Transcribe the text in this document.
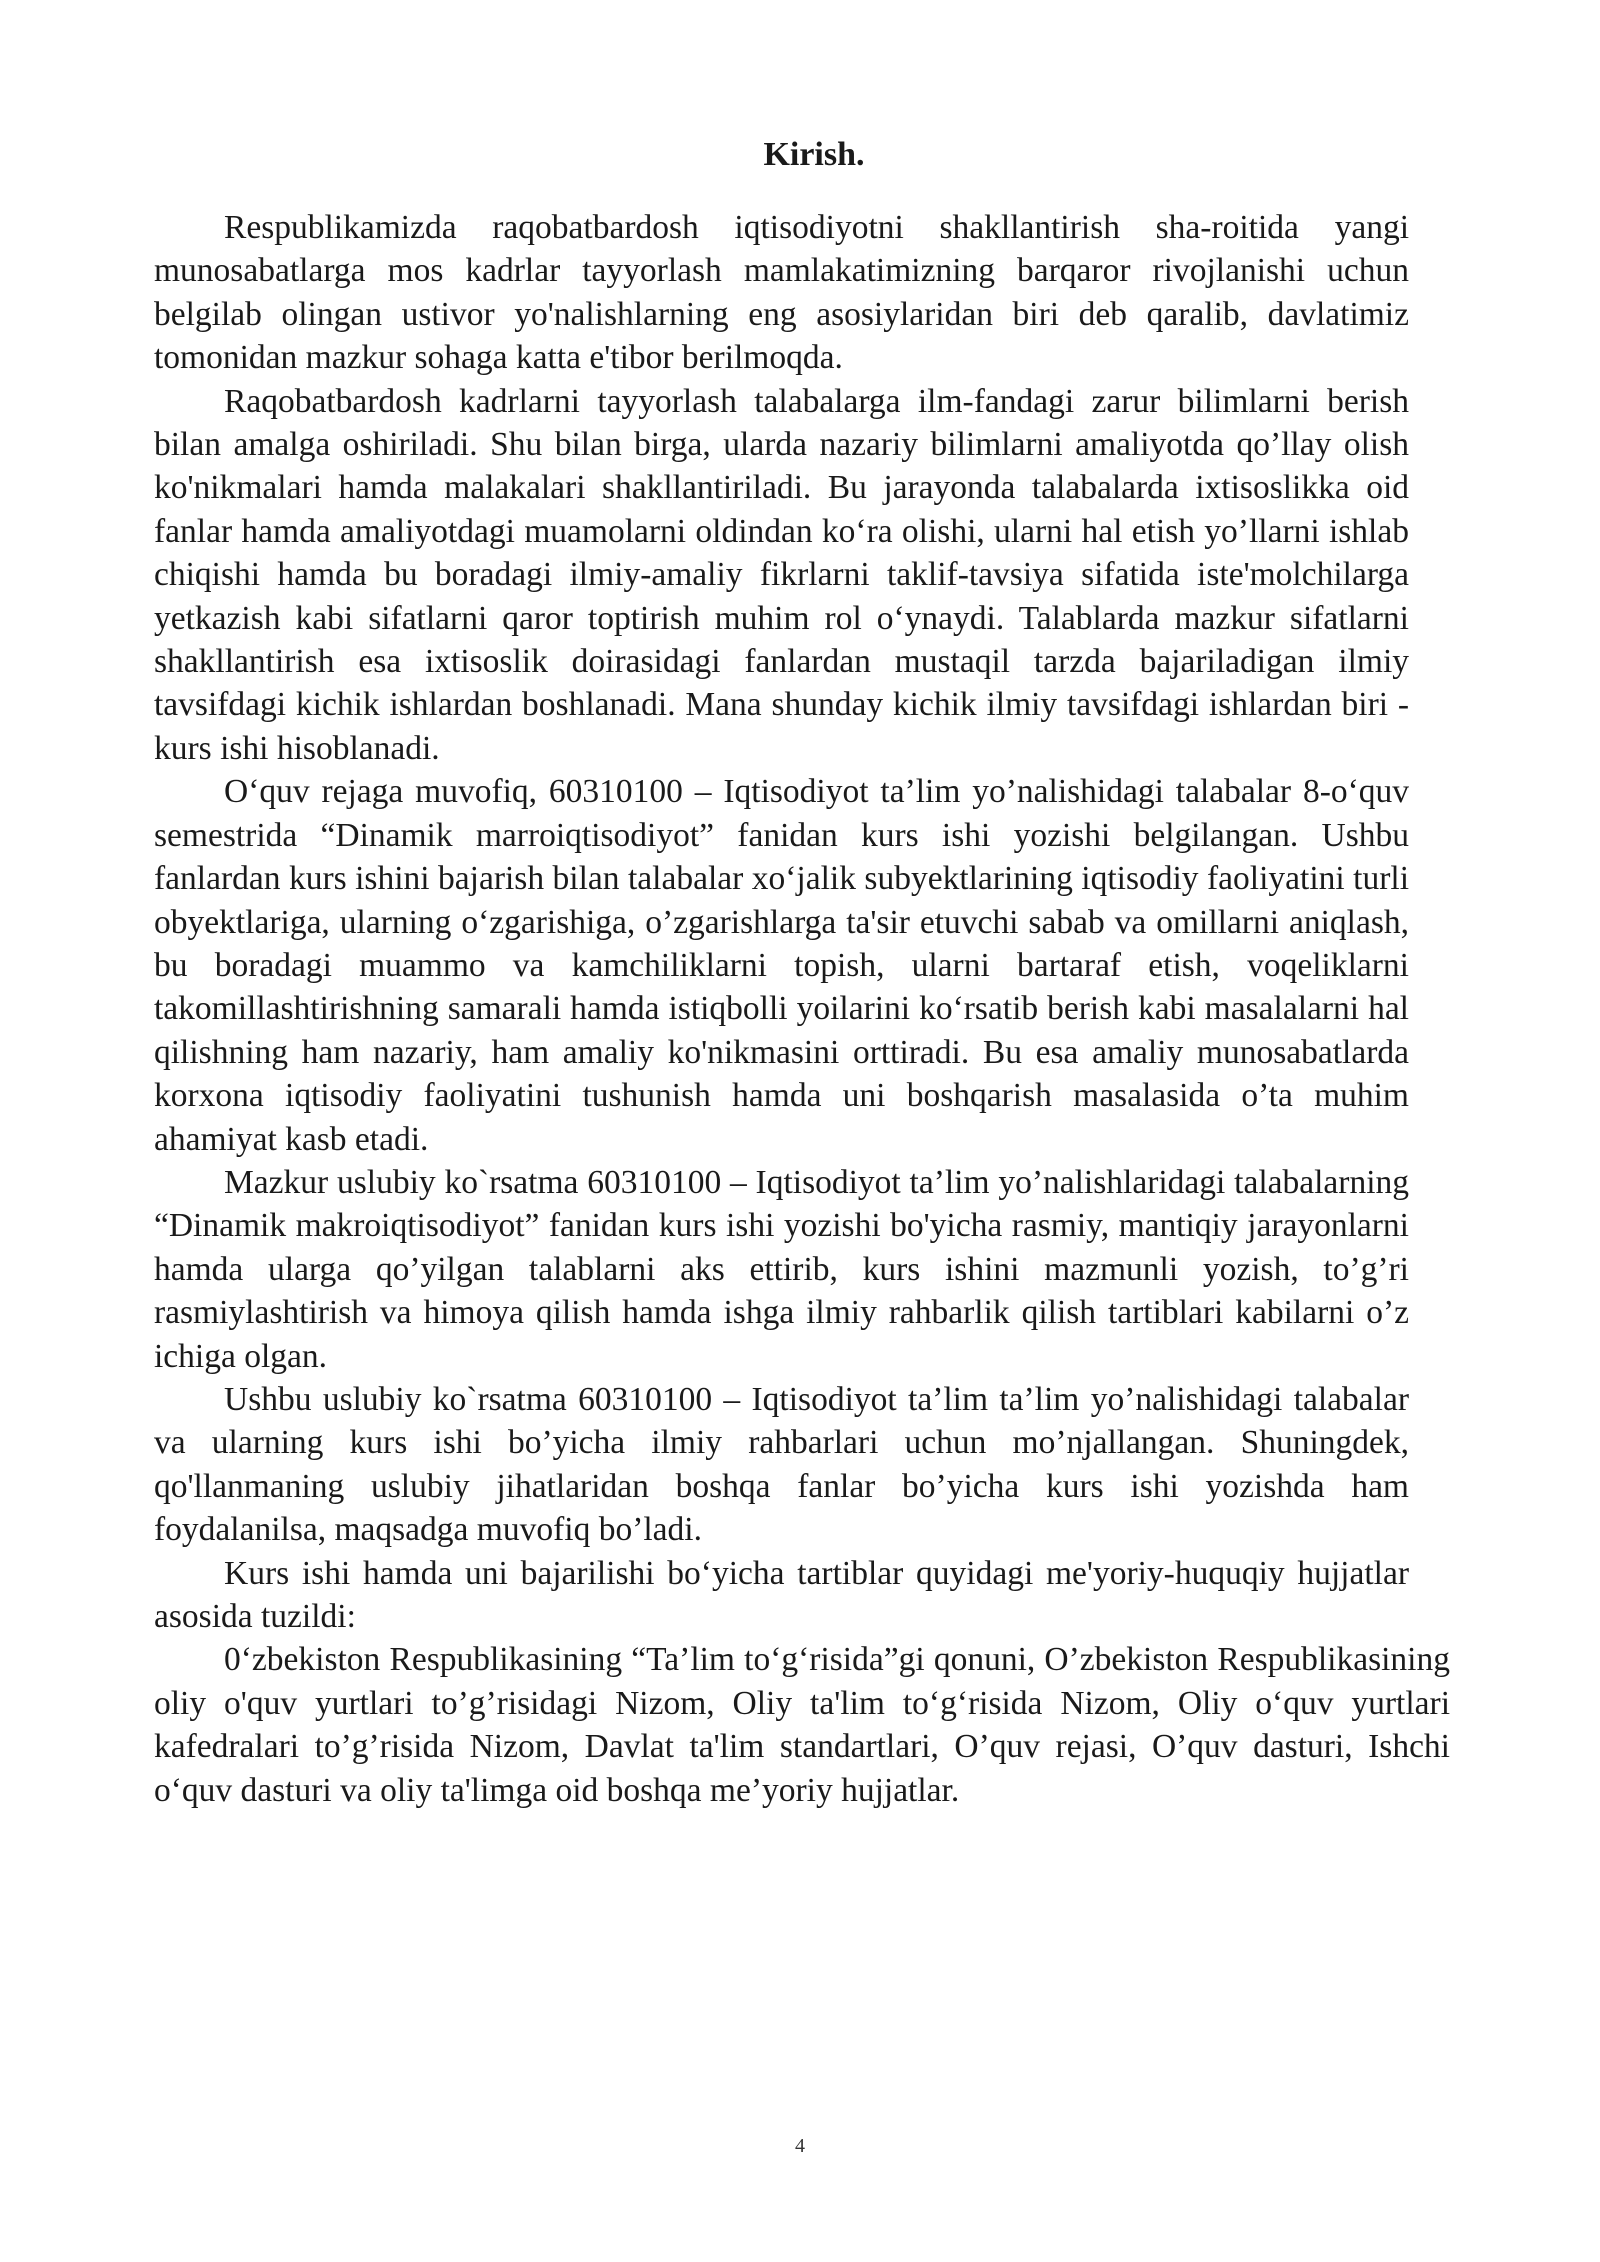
Kirish.

Respublikamizda raqobatbardosh iqtisodiyotni shakllantirish sha-roitida yangi munosabatlarga mos kadrlar tayyorlash mamlakatimizning barqaror rivojlanishi uchun belgilab olingan ustivor yo'nalishlarning eng asosiylaridan biri deb qaralib, davlatimiz tomonidan mazkur sohaga katta e'tibor berilmoqda.

Raqobatbardosh kadrlarni tayyorlash talabalarga ilm-fandagi zarur bilimlarni berish bilan amalga oshiriladi. Shu bilan birga, ularda nazariy bilimlarni amaliyotda qo’llay olish ko'nikmalari hamda malakalari shakllantiriladi. Bu jarayonda talabalarda ixtisoslikka oid fanlar hamda amaliyotdagi muamolarni oldindan ko‘ra olishi, ularni hal etish yo’llarni ishlab chiqishi hamda bu boradagi ilmiy-amaliy fikrlarni taklif-tavsiya sifatida iste'molchilarga yetkazish kabi sifatlarni qaror toptirish muhim rol oʻynaydi. Talablarda mazkur sifatlarni shakllantirish esa ixtisoslik doirasidagi fanlardan mustaqil tarzda bajariladigan ilmiy tavsifdagi kichik ishlardan boshlanadi. Mana shunday kichik ilmiy tavsifdagi ishlardan biri - kurs ishi hisoblanadi.

O‘quv rejaga muvofiq, 60310100 – Iqtisodiyot ta’lim yo’nalishidagi talabalar 8-o‘quv semestrida “Dinamik marroiqtisodiyot” fanidan kurs ishi yozishi belgilangan. Ushbu fanlardan kurs ishini bajarish bilan talabalar xo‘jalik subyektlarining iqtisodiy faoliyatini turli obyektlariga, ularning o‘zgarishiga, o’zgarishlarga ta'sir etuvchi sabab va omillarni aniqlash, bu boradagi muammo va kamchiliklarni topish, ularni bartaraf etish, voqeliklarni takomillashtirishning samarali hamda istiqbolli yoilarini koʻrsatib berish kabi masalalarni hal qilishning ham nazariy, ham amaliy ko'nikmasini orttiradi. Bu esa amaliy munosabatlarda korxona iqtisodiy faoliyatini tushunish hamda uni boshqarish masalasida o’ta muhim ahamiyat kasb etadi.

Mazkur uslubiy ko`rsatma 60310100 – Iqtisodiyot ta’lim yo’nalishlaridagi talabalarning “Dinamik makroiqtisodiyot” fanidan kurs ishi yozishi bo'yicha rasmiy, mantiqiy jarayonlarni hamda ularga qo’yilgan talablarni aks ettirib, kurs ishini mazmunli yozish, to’g’ri rasmiylashtirish va himoya qilish hamda ishga ilmiy rahbarlik qilish tartiblari kabilarni o’z ichiga olgan.

Ushbu uslubiy ko`rsatma 60310100 – Iqtisodiyot ta’lim ta’lim yo’nalishidagi talabalar va ularning kurs ishi bo’yicha ilmiy rahbarlari uchun mo’njallangan. Shuningdek, qo'llanmaning uslubiy jihatlaridan boshqa fanlar bo’yicha kurs ishi yozishda ham foydalanilsa, maqsadga muvofiq bo’ladi.

Kurs ishi hamda uni bajarilishi bo‘yicha tartiblar quyidagi me'yoriy-huquqiy hujjatlar asosida tuzildi:

0‘zbekiston Respublikasining “Ta’lim to‘g‘risida”gi qonuni, O’zbekiston Respublikasining oliy o'quv yurtlari to’g’risidagi Nizom, Oliy ta'lim to‘g‘risida Nizom, Oliy o‘quv yurtlari kafedralari to’g’risida Nizom, Davlat ta'lim standartlari, O’quv rejasi, O’quv dasturi, Ishchi o‘quv dasturi va oliy ta'limga oid boshqa me’yoriy hujjatlar.

4
